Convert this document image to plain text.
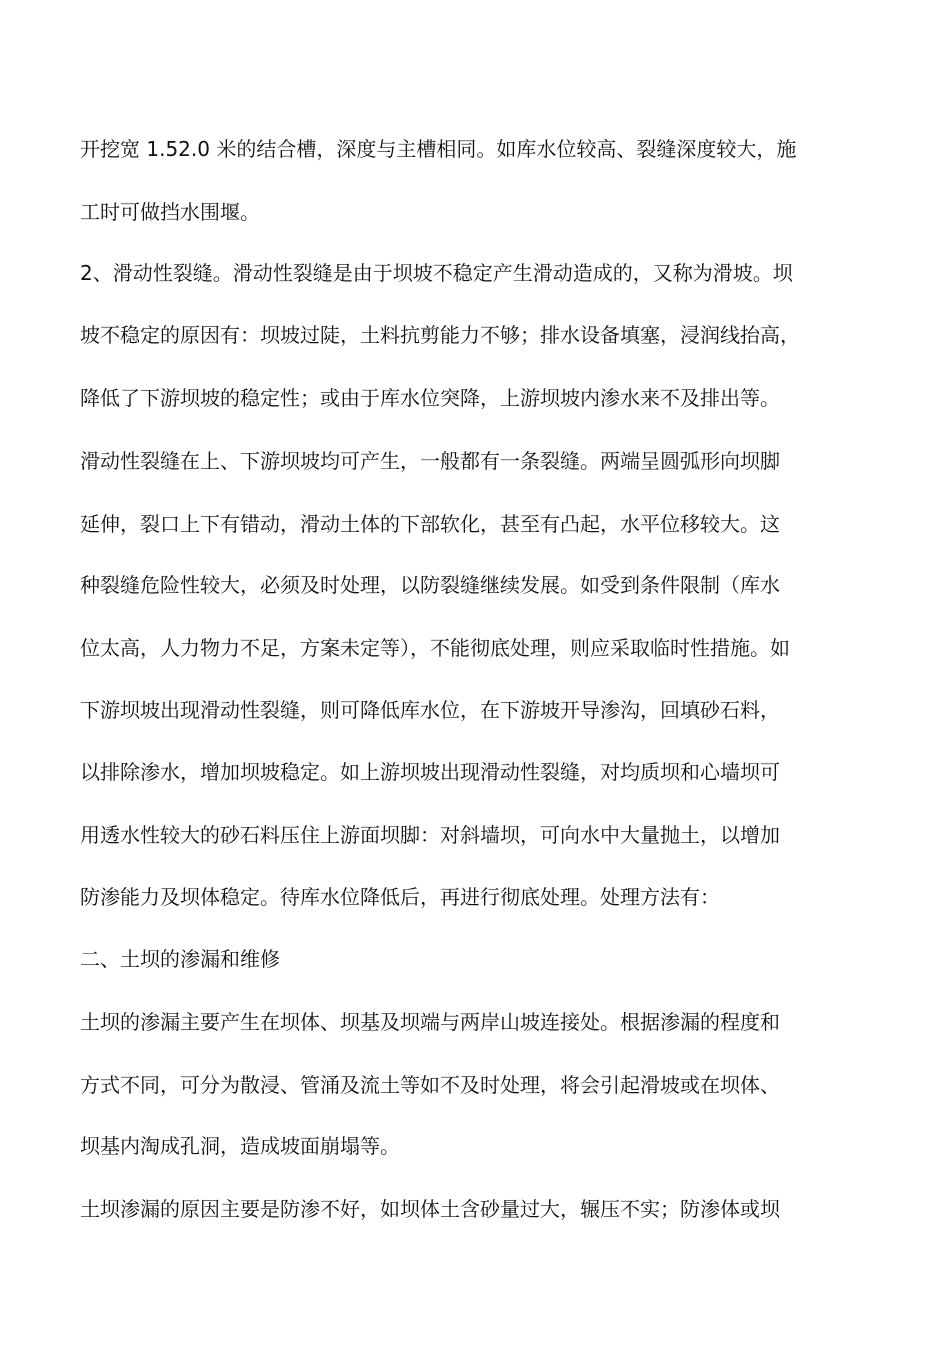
开挖宽 1.52.0 米的结合槽，深度与主槽相同。如库水位较高、裂缝深度较大，施
工时可做挡水围堰。
2、滑动性裂缝。滑动性裂缝是由于坝坡不稳定产生滑动造成的，又称为滑坡。坝
坡不稳定的原因有：坝坡过陡，土料抗剪能力不够；排水设备填塞，浸润线抬高，
降低了下游坝坡的稳定性；或由于库水位突降，上游坝坡内渗水来不及排出等。
滑动性裂缝在上、下游坝坡均可产生，一般都有一条裂缝。两端呈圆弧形向坝脚
延伸，裂口上下有错动，滑动土体的下部软化，甚至有凸起，水平位移较大。这
种裂缝危险性较大，必须及时处理，以防裂缝继续发展。如受到条件限制（库水
位太高，人力物力不足，方案未定等），不能彻底处理，则应采取临时性措施。如
下游坝坡出现滑动性裂缝，则可降低库水位，在下游坡开导渗沟，回填砂石料，
以排除渗水，增加坝坡稳定。如上游坝坡出现滑动性裂缝，对均质坝和心墙坝可
用透水性较大的砂石料压住上游面坝脚：对斜墙坝，可向水中大量抛土，以增加
防渗能力及坝体稳定。待库水位降低后，再进行彻底处理。处理方法有：
二、土坝的渗漏和维修
土坝的渗漏主要产生在坝体、坝基及坝端与两岸山坡连接处。根据渗漏的程度和
方式不同，可分为散浸、管涌及流土等如不及时处理，将会引起滑坡或在坝体、
坝基内淘成孔洞，造成坡面崩塌等。
土坝渗漏的原因主要是防渗不好，如坝体土含砂量过大，辗压不实；防渗体或坝
